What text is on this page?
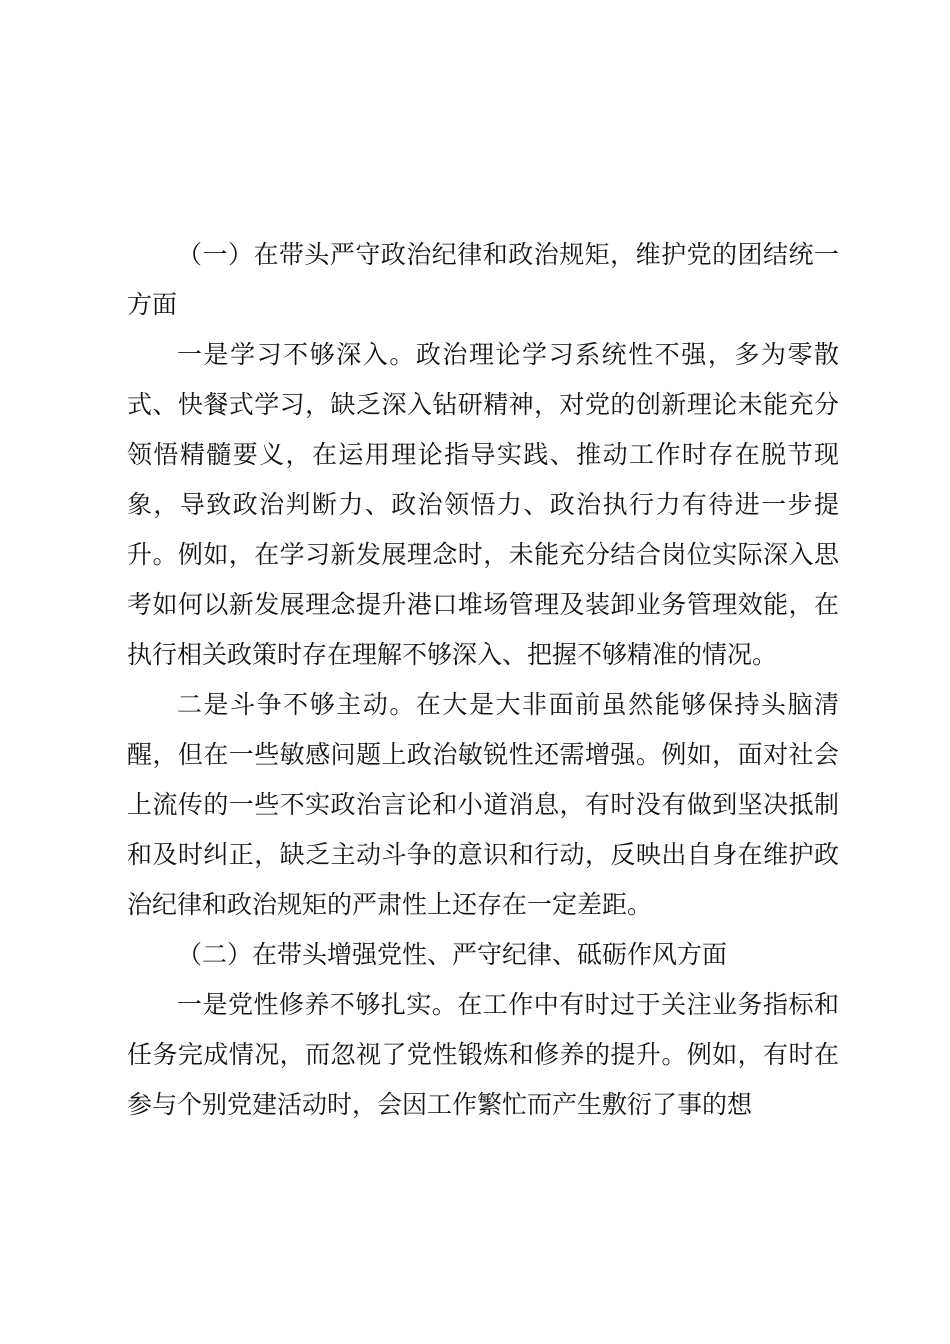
（一）在带头严守政治纪律和政治规矩，维护党的团结统一方面

一是学习不够深入。政治理论学习系统性不强，多为零散式、快餐式学习，缺乏深入钻研精神，对党的创新理论未能充分领悟精髓要义，在运用理论指导实践、推动工作时存在脱节现象，导致政治判断力、政治领悟力、政治执行力有待进一步提升。例如，在学习新发展理念时，未能充分结合岗位实际深入思考如何以新发展理念提升港口堆场管理及装卸业务管理效能，在执行相关政策时存在理解不够深入、把握不够精准的情况。

二是斗争不够主动。在大是大非面前虽然能够保持头脑清醒，但在一些敏感问题上政治敏锐性还需增强。例如，面对社会上流传的一些不实政治言论和小道消息，有时没有做到坚决抵制和及时纠正，缺乏主动斗争的意识和行动，反映出自身在维护政治纪律和政治规矩的严肃性上还存在一定差距。

（二）在带头增强党性、严守纪律、砥砺作风方面

一是党性修养不够扎实。在工作中有时过于关注业务指标和任务完成情况，而忽视了党性锻炼和修养的提升。例如，有时在参与个别党建活动时，会因工作繁忙而产生敷衍了事的想
